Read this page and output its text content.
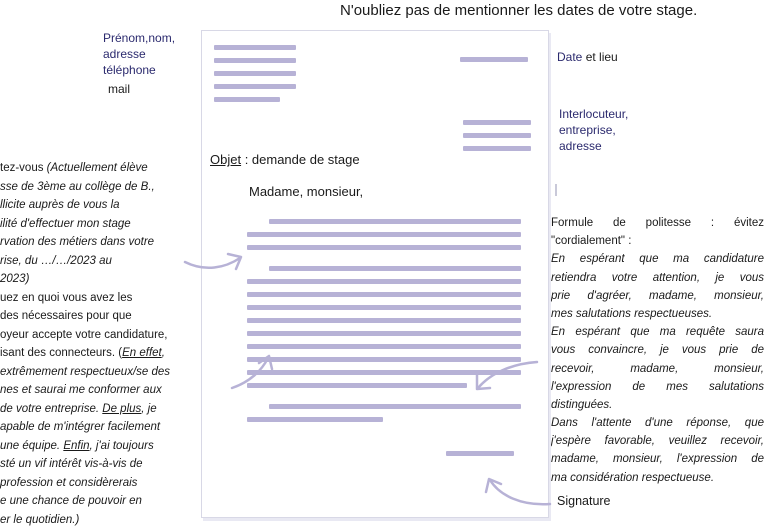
N'oubliez pas de mentionner les dates de votre stage.
Prénom,nom,
adresse
téléphone
mail
Objet : demande de stage
Madame, monsieur,
Date et lieu
Interlocuteur,
entreprise,
adresse
tez-vous (Actuellement élève
sse de 3ème au collège de B.,
llicite auprès de vous la
ilité d'effectuer mon stage
rvation des métiers dans votre
rise, du …/…/2023 au
2023)
uez en quoi vous avez les
des nécessaires pour que
oyeur accepte votre candidature,
isant des connecteurs. (En effet,
extrêmement respectueux/se des
nes et saurai me conformer aux
de votre entreprise. De plus, je
apable de m'intégrer facilement
une équipe. Enfin, j'ai toujours
sté un vif intérêt vis-à-vis de
profession et considèrerais
e une chance de pouvoir en
er le quotidien.)
Formule de politesse : évitez
"cordialement" :
En espérant que ma candidature
retiendra votre attention, je vous
prie d'agréer, madame, monsieur,
mes salutations respectueuses.
En espérant que ma requête saura
vous convaincre, je vous prie de
recevoir, madame, monsieur,
l'expression de mes salutations
distinguées.
Dans l'attente d'une réponse, que
j'espère favorable, veuillez recevoir,
madame, monsieur, l'expression de
ma considération respectueuse.
Signature
